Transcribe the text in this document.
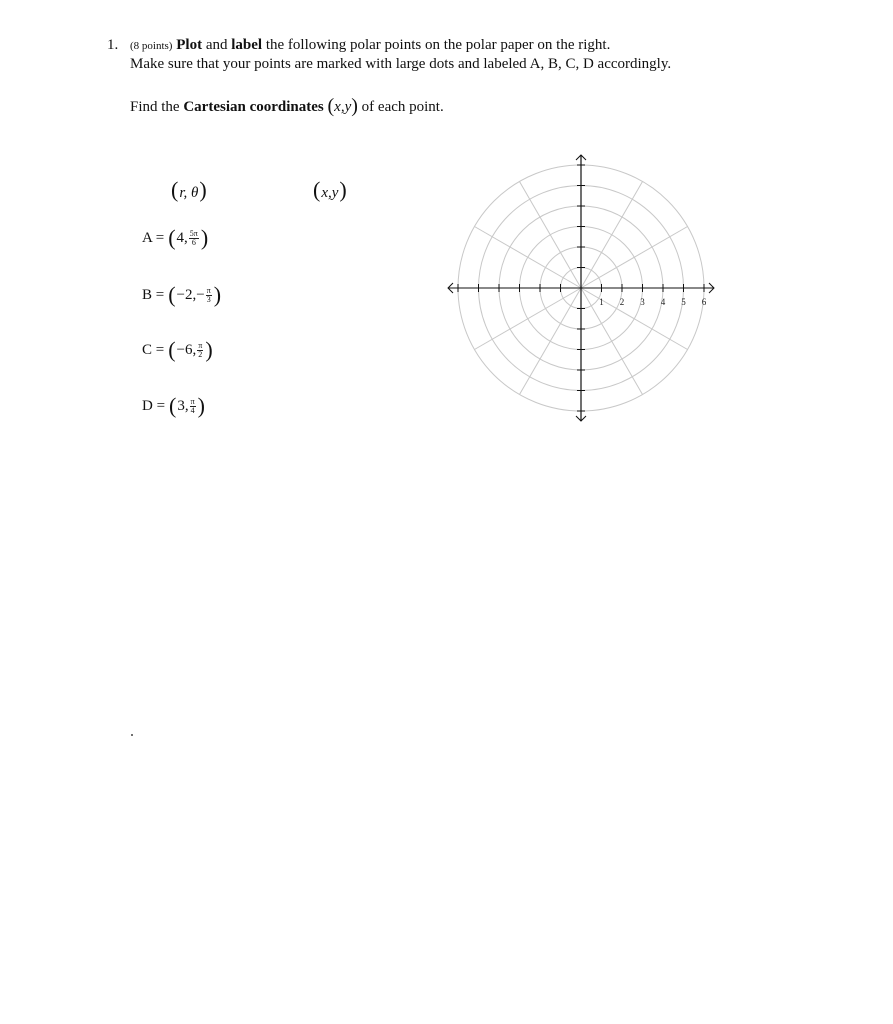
1. (8 points) Plot and label the following polar points on the polar paper on the right.
Make sure that your points are marked with large dots and labeled A, B, C, D accordingly.
Find the Cartesian coordinates (x,y) of each point.
(r, θ)	(x,y)
A = ( 4, $\frac{5\pi}{6}$ )
B = ( $-2,- \frac{\pi}{3}$ )
C = ( −6, $\frac{\pi}{2}$ )
D = ( 3, $\frac{\pi}{4}$ )
1 2 3 4 5 6
